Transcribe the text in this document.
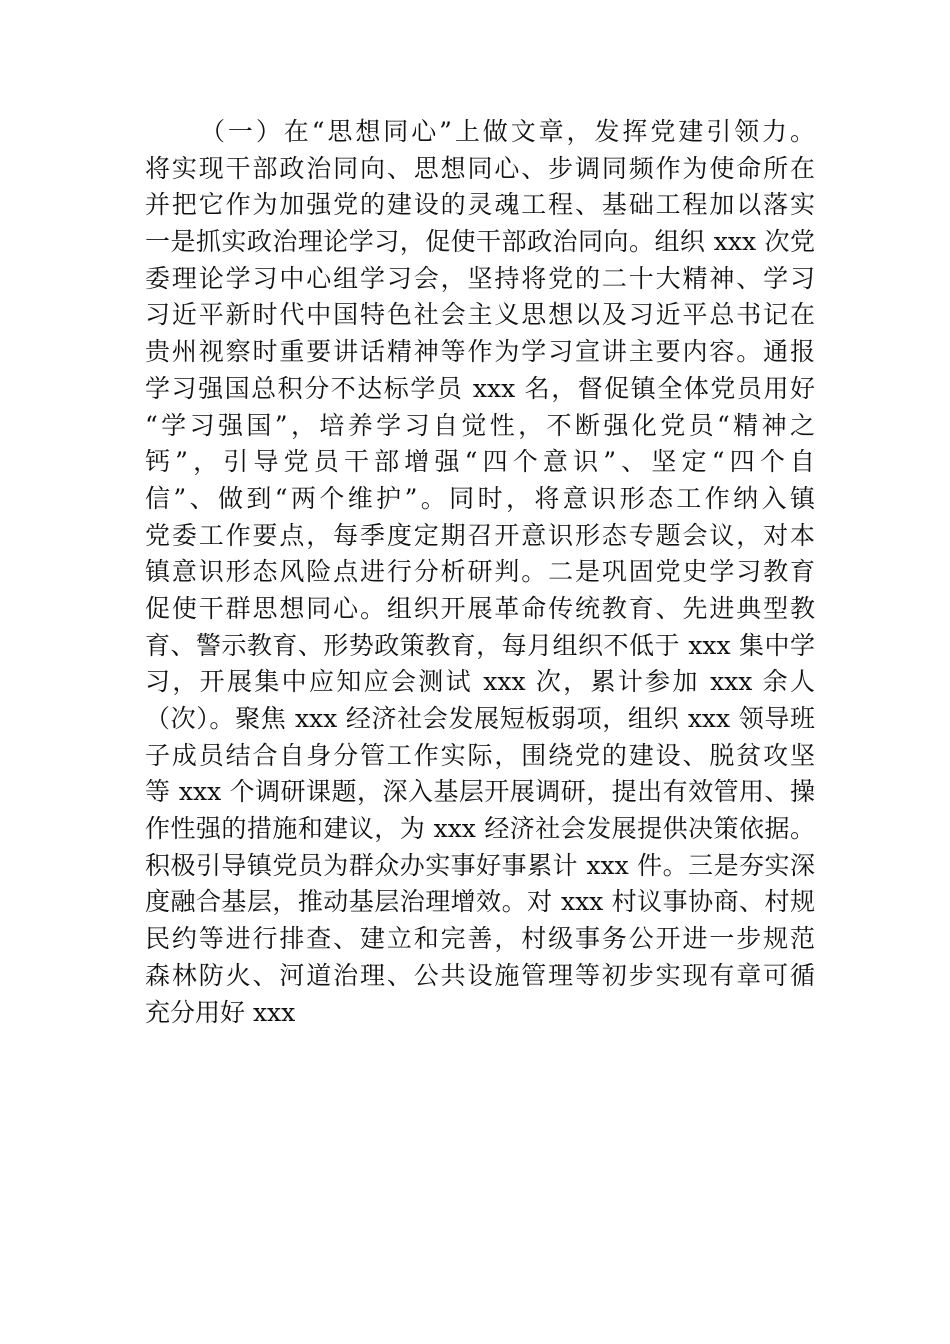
（一）在“思想同心”上做文章，发挥党建引领力。
将实现干部政治同向、思想同心、步调同频作为使命所在
并把它作为加强党的建设的灵魂工程、基础工程加以落实
一是抓实政治理论学习，促使干部政治同向。组织 xxx 次党
委理论学习中心组学习会，坚持将党的二十大精神、学习
习近平新时代中国特色社会主义思想以及习近平总书记在
贵州视察时重要讲话精神等作为学习宣讲主要内容。通报
学习强国总积分不达标学员 xxx 名，督促镇全体党员用好
“学习强国”，培养学习自觉性，不断强化党员“精神之
钙”，引导党员干部增强“四个意识”、坚定“四个自
信”、做到“两个维护”。同时，将意识形态工作纳入镇
党委工作要点，每季度定期召开意识形态专题会议，对本
镇意识形态风险点进行分析研判。二是巩固党史学习教育
促使干群思想同心。组织开展革命传统教育、先进典型教
育、警示教育、形势政策教育，每月组织不低于 xxx 集中学
习，开展集中应知应会测试 xxx 次，累计参加 xxx 余人
（次）。聚焦 xxx 经济社会发展短板弱项，组织 xxx 领导班
子成员结合自身分管工作实际，围绕党的建设、脱贫攻坚
等 xxx 个调研课题，深入基层开展调研，提出有效管用、操
作性强的措施和建议，为 xxx 经济社会发展提供决策依据。
积极引导镇党员为群众办实事好事累计 xxx 件。三是夯实深
度融合基层，推动基层治理增效。对 xxx 村议事协商、村规
民约等进行排查、建立和完善，村级事务公开进一步规范
森林防火、河道治理、公共设施管理等初步实现有章可循
充分用好 xxx
